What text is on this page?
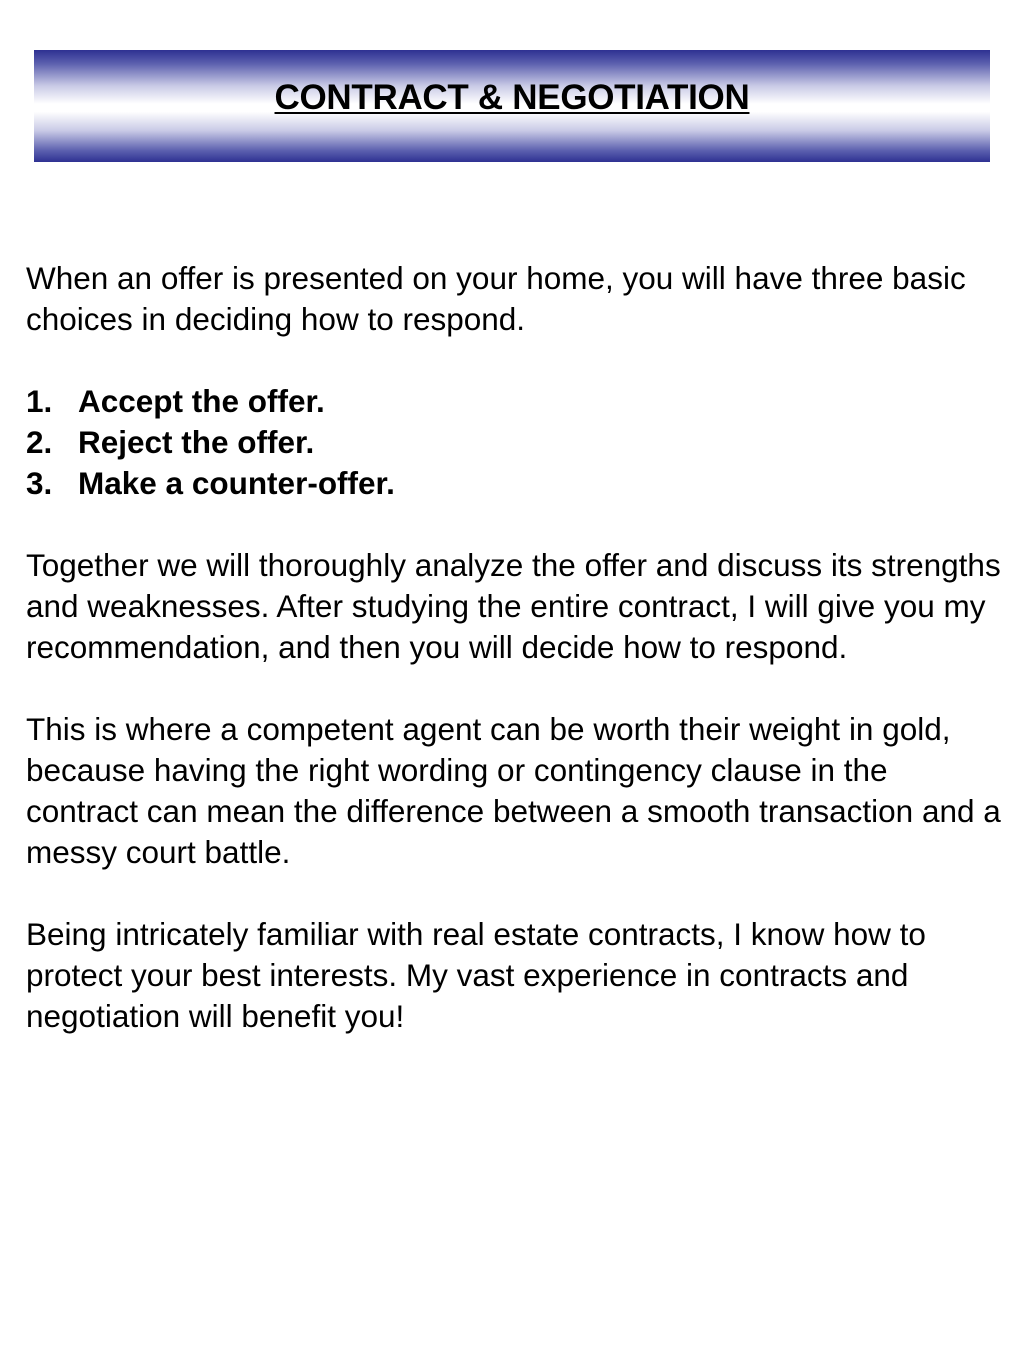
CONTRACT & NEGOTIATION

When an offer is presented on your home, you will have three basic choices in deciding how to respond.

1. Accept the offer.
2. Reject the offer.
3. Make a counter-offer.

Together we will thoroughly analyze the offer and discuss its strengths and weaknesses. After studying the entire contract, I will give you my recommendation, and then you will decide how to respond.

This is where a competent agent can be worth their weight in gold, because having the right wording or contingency clause in the contract can mean the difference between a smooth transaction and a messy court battle.

Being intricately familiar with real estate contracts, I know how to protect your best interests. My vast experience in contracts and negotiation will benefit you!
